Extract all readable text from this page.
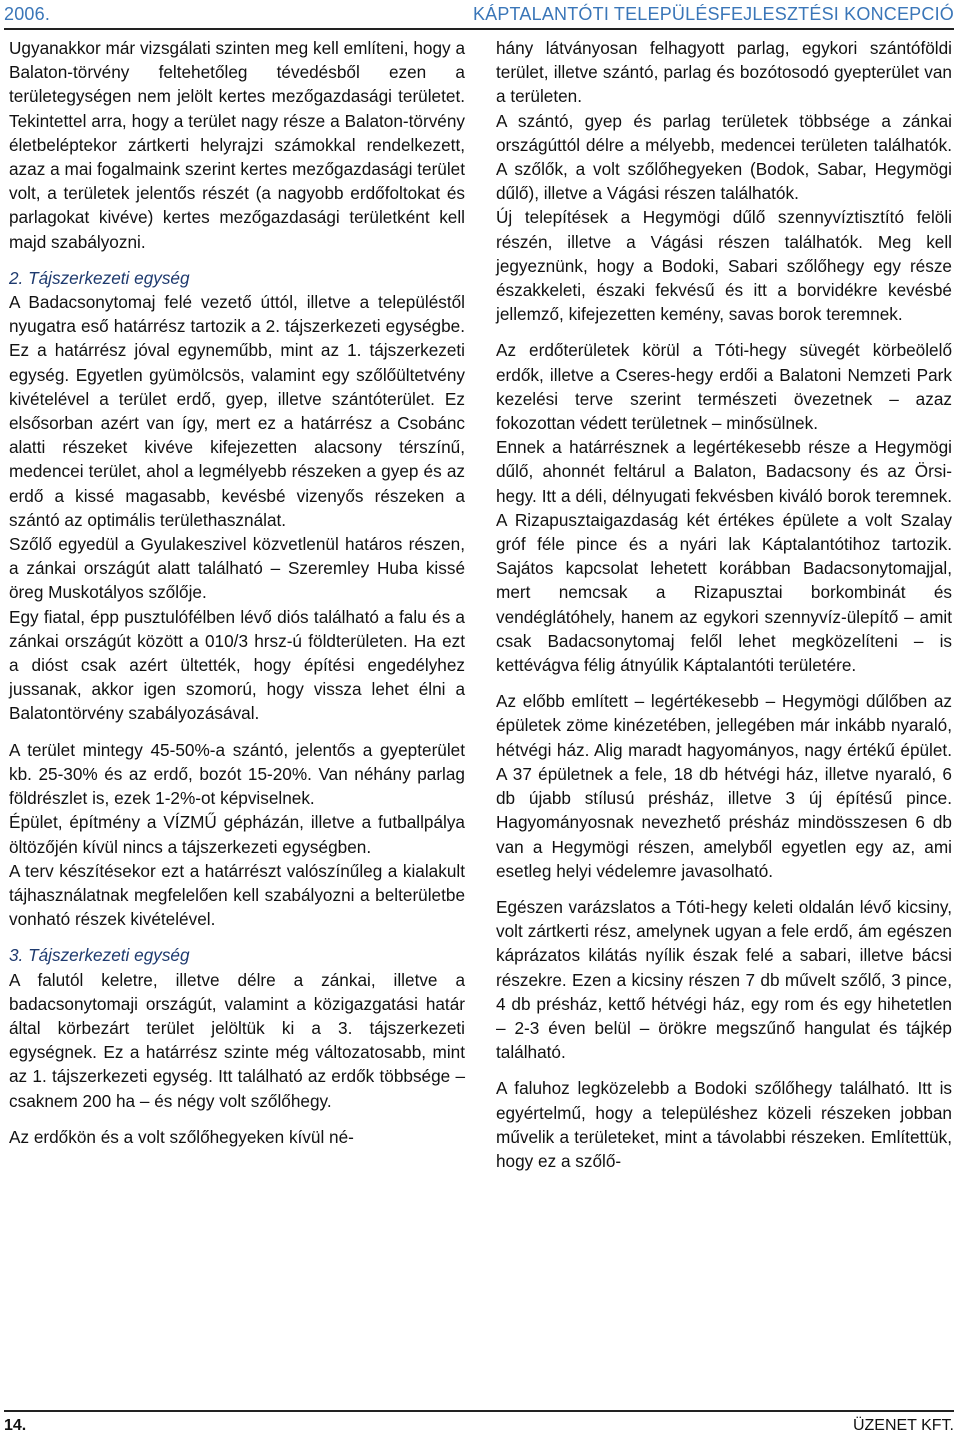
2006.	KÁPTALANTÓTI TELEPÜLÉSFEJLESZTÉSI KONCEPCIÓ

Ugyanakkor már vizsgálati szinten meg kell említeni, hogy a Balaton-törvény feltehetőleg tévedésből ezen a területegységen nem jelölt kertes mezőgazdasági területet. Tekintettel arra, hogy a terület nagy része a Balaton-törvény életbeléptekor zártkerti helyrajzi számokkal rendelkezett, azaz a mai fogalmaink szerint kertes mezőgazdasági terület volt, a területek jelentős részét (a nagyobb erdőfoltokat és parlagokat kivéve) kertes mezőgazdasági területként kell majd szabályozni.

2. Tájszerkezeti egység

A Badacsonytomaj felé vezető úttól, illetve a településtől nyugatra eső határrész tartozik a 2. tájszerkezeti egységbe. Ez a határrész jóval egyneműbb, mint az 1. tájszerkezeti egység. Egyetlen gyümölcsös, valamint egy szőlőültetvény kivételével a terület erdő, gyep, illetve szántóterület. Ez elsősorban azért van így, mert ez a határrész a Csobánc alatti részeket kivéve kifejezetten alacsony térszínű, medencei terület, ahol a legmélyebb részeken a gyep és az erdő a kissé magasabb, kevésbé vizenyős részeken a szántó az optimális területhasználat.

Szőlő egyedül a Gyulakeszivel közvetlenül határos részen, a zánkai országút alatt található – Szeremley Huba kissé öreg Muskotályos szőlője.

Egy fiatal, épp pusztulófélben lévő diós található a falu és a zánkai országút között a 010/3 hrsz-ú földterületen. Ha ezt a dióst csak azért ültették, hogy építési engedélyhez jussanak, akkor igen szomorú, hogy vissza lehet élni a Balatontörvény szabályozásával.

A terület mintegy 45-50%-a szántó, jelentős a gyepterület kb. 25-30% és az erdő, bozót 15-20%. Van néhány parlag földrészlet is, ezek 1-2%-ot képviselnek.

Épület, építmény a VÍZMŰ gépházán, illetve a futballpálya öltözőjén kívül nincs a tájszerkezeti egységben.

A terv készítésekor ezt a határrészt valószínűleg a kialakult tájhasználatnak megfelelően kell szabályozni a belterületbe vonható részek kivételével.

3. Tájszerkezeti egység

A falutól keletre, illetve délre a zánkai, illetve a badacsonytomaji országút, valamint a közigazgatási határ által körbezárt terület jelöltük ki a 3. tájszerkezeti egységnek. Ez a határrész szinte még változatosabb, mint az 1. tájszerkezeti egység. Itt található az erdők többsége – csaknem 200 ha – és négy volt szőlőhegy.

Az erdőkön és a volt szőlőhegyeken kívül né-

hány látványosan felhagyott parlag, egykori szántóföldi terület, illetve szántó, parlag és bozótosodó gyepterület van a területen.

A szántó, gyep és parlag területek többsége a zánkai országúttól délre a mélyebb, medencei területen találhatók. A szőlők, a volt szőlőhegyeken (Bodok, Sabar, Hegymögi dűlő), illetve a Vágási részen találhatók.

Új telepítések a Hegymögi dűlő szennyvíztisztító felöli részén, illetve a Vágási részen találhatók. Meg kell jegyeznünk, hogy a Bodoki, Sabari szőlőhegy egy része északkeleti, északi fekvésű és itt a borvidékre kevésbé jellemző, kifejezetten kemény, savas borok teremnek.

Az erdőterületek körül a Tóti-hegy süvegét körbeölelő erdők, illetve a Cseres-hegy erdői a Balatoni Nemzeti Park kezelési terve szerint természeti övezetnek – azaz fokozottan védett területnek – minősülnek.

Ennek a határrésznek a legértékesebb része a Hegymögi dűlő, ahonnét feltárul a Balaton, Badacsony és az Örsi-hegy. Itt a déli, délnyugati fekvésben kiváló borok teremnek. A Rizapusztaigazdaság két értékes épülete a volt Szalay gróf féle pince és a nyári lak Káptalantótihoz tartozik. Sajátos kapcsolat lehetett korábban Badacsonytomajjal, mert nemcsak a Rizapusztai borkombinát és vendéglátóhely, hanem az egykori szennyvíz-ülepítő – amit csak Badacsonytomaj felől lehet megközelíteni – is kettévágva félig átnyúlik Káptalantóti területére.

Az előbb említett – legértékesebb – Hegymögi dűlőben az épületek zöme kinézetében, jellegében már inkább nyaraló, hétvégi ház. Alig maradt hagyományos, nagy értékű épület. A 37 épületnek a fele, 18 db hétvégi ház, illetve nyaraló, 6 db újabb stílusú présház, illetve 3 új építésű pince. Hagyományosnak nevezhető présház mindösszesen 6 db van a Hegymögi részen, amelyből egyetlen egy az, ami esetleg helyi védelemre javasolható.

Egészen varázslatos a Tóti-hegy keleti oldalán lévő kicsiny, volt zártkerti rész, amelynek ugyan a fele erdő, ám egészen káprázatos kilátás nyílik észak felé a sabari, illetve bácsi részekre. Ezen a kicsiny részen 7 db művelt szőlő, 3 pince, 4 db présház, kettő hétvégi ház, egy rom és egy hihetetlen – 2-3 éven belül – örökre megszűnő hangulat és tájkép található.

A faluhoz legközelebb a Bodoki szőlőhegy található. Itt is egyértelmű, hogy a településhez közeli részeken jobban művelik a területeket, mint a távolabbi részeken. Említettük, hogy ez a szőlő-

14.	ÜZENET KFT.
